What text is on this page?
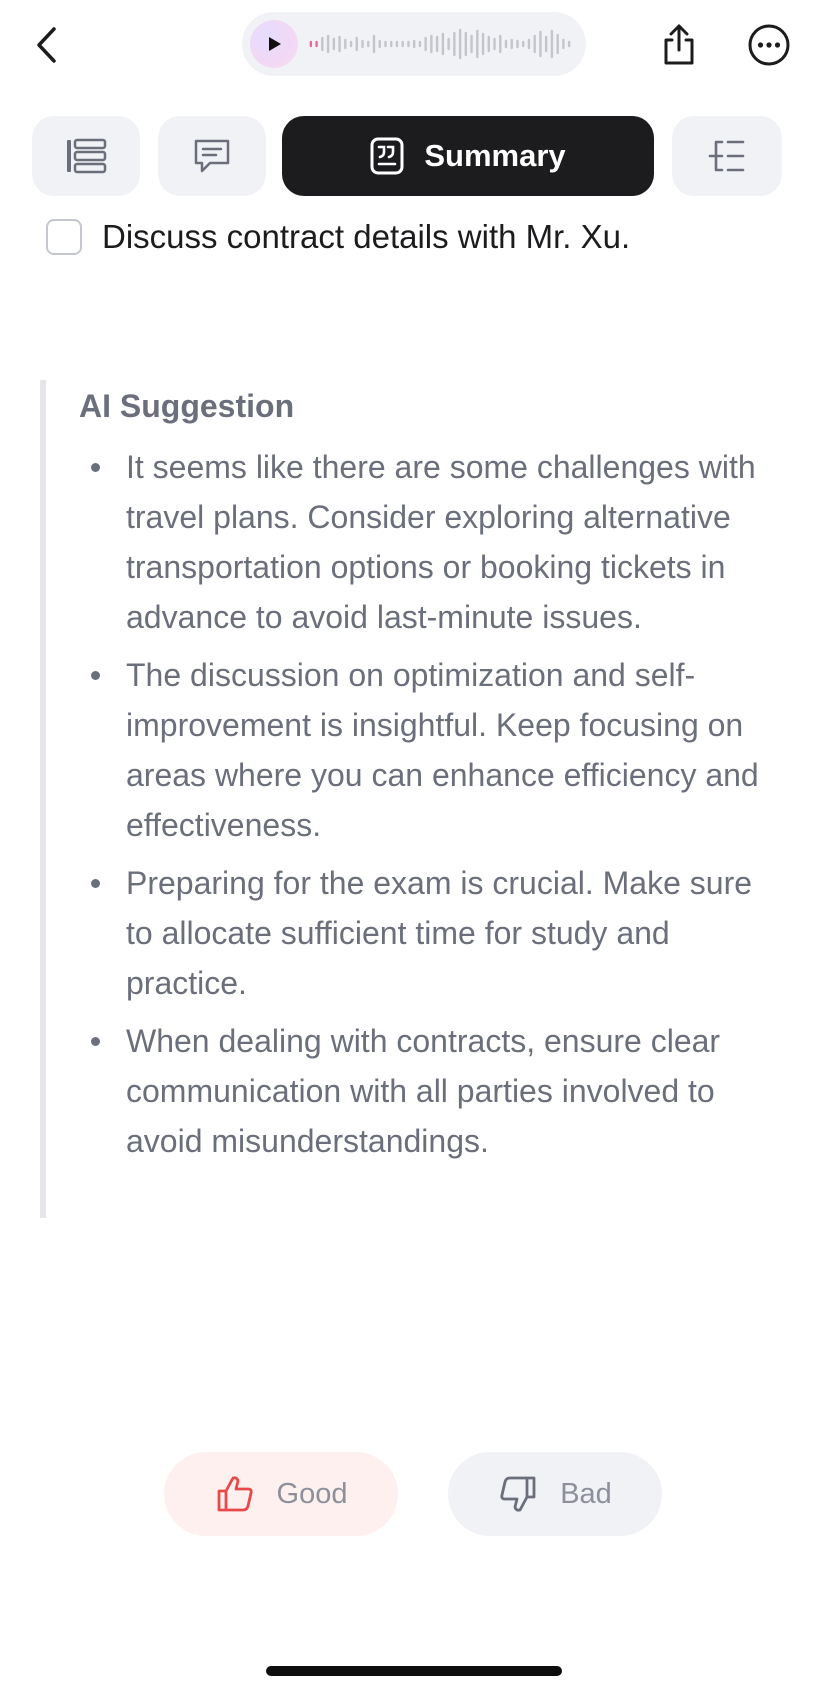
Summary
Discuss contract details with Mr. Xu.
AI Suggestion
It seems like there are some challenges with travel plans. Consider exploring alternative transportation options or booking tickets in advance to avoid last-minute issues.
The discussion on optimization and self-improvement is insightful. Keep focusing on areas where you can enhance efficiency and effectiveness.
Preparing for the exam is crucial. Make sure to allocate sufficient time for study and practice.
When dealing with contracts, ensure clear communication with all parties involved to avoid misunderstandings.
Good	Bad
